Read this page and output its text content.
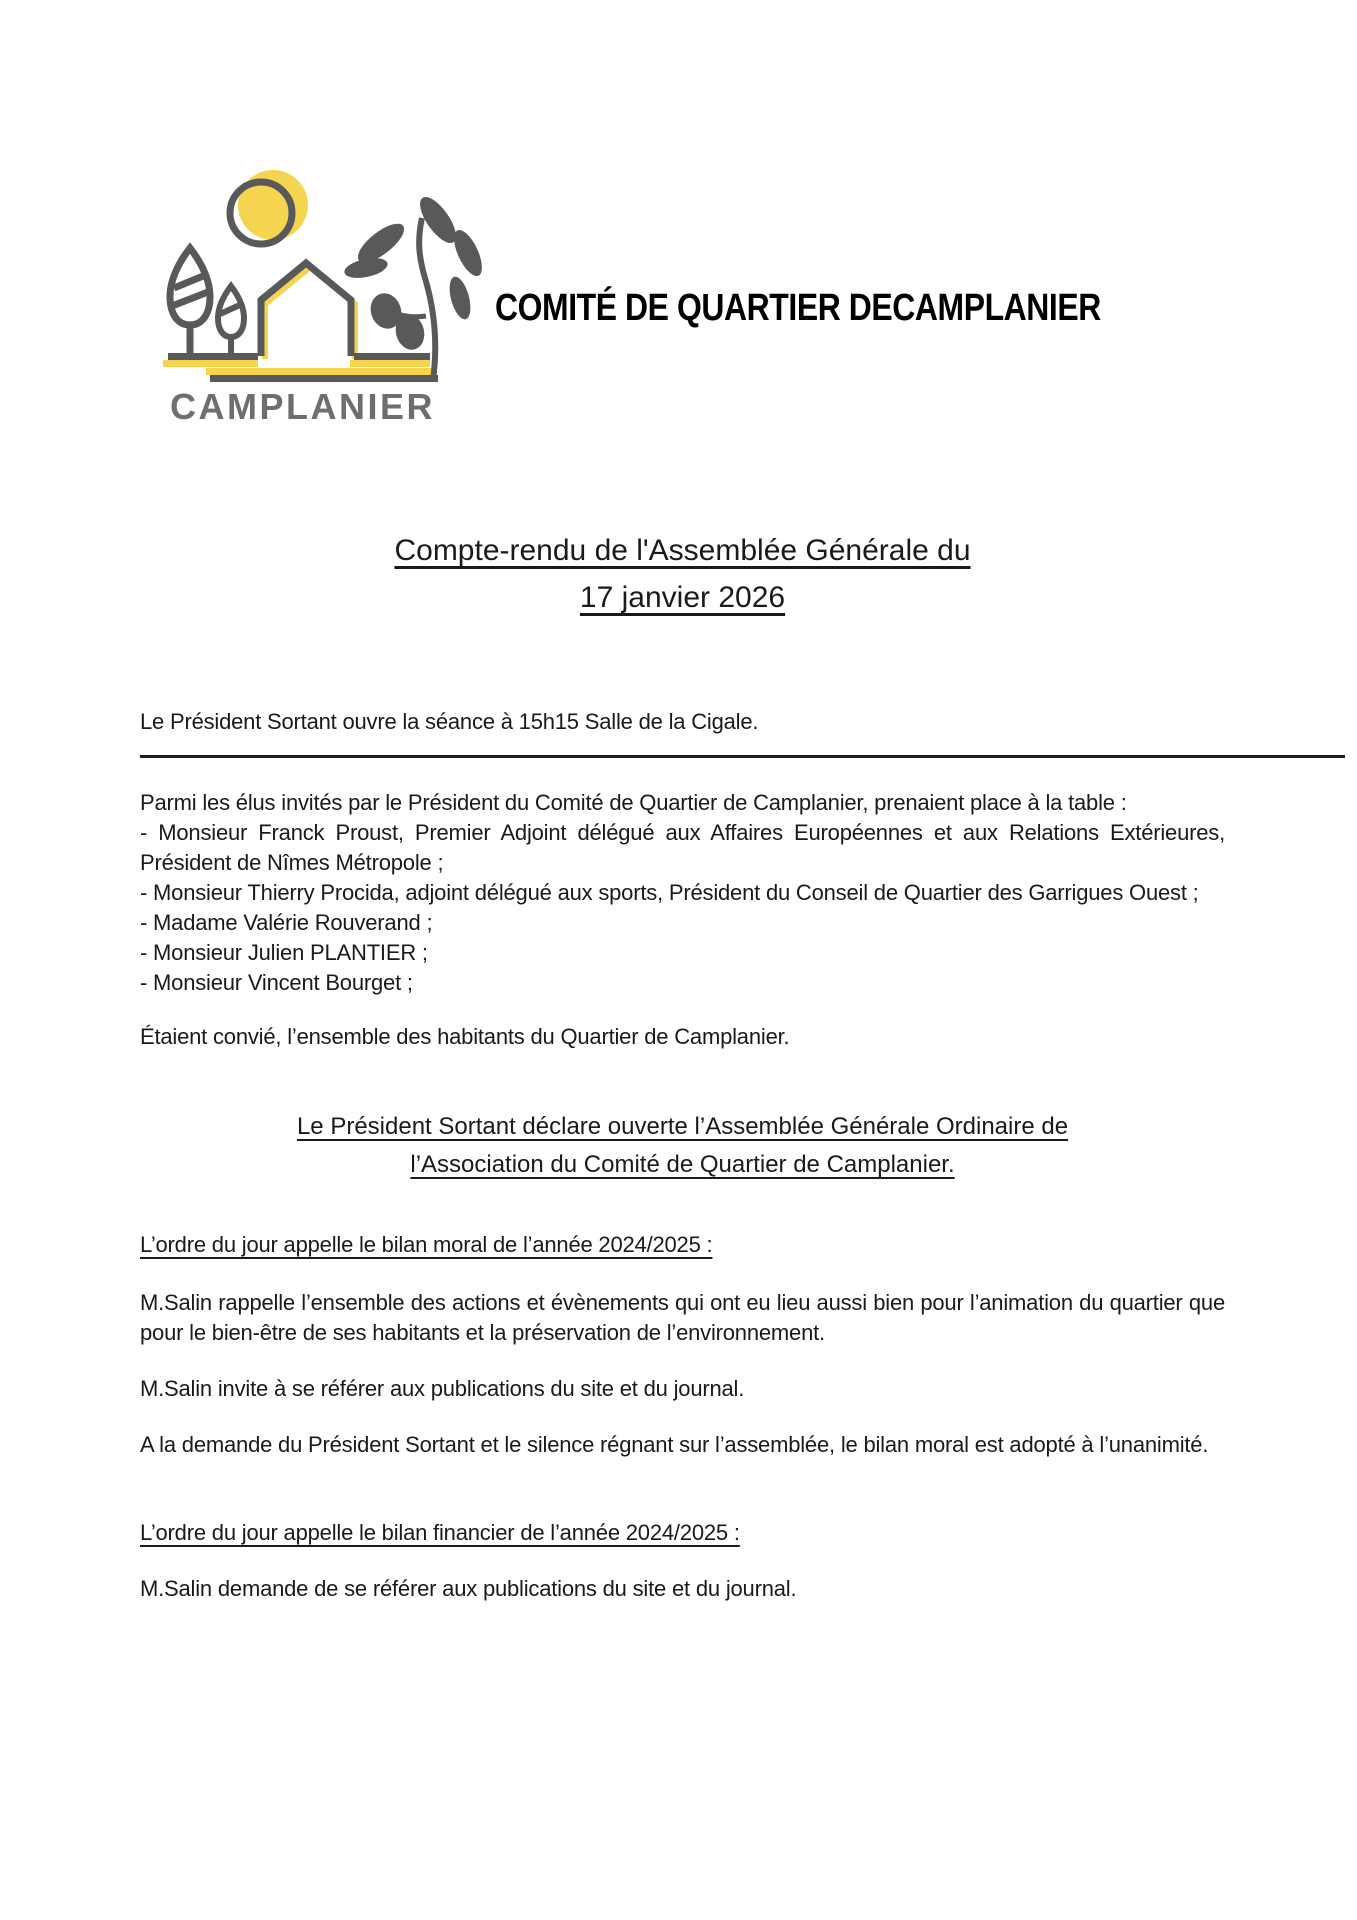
CAMPLANIER
COMITÉ DE QUARTIER DECAMPLANIER
Compte-rendu de l'Assemblée Générale du
17 janvier 2026
Le Président Sortant ouvre la séance à 15h15 Salle de la Cigale.
Parmi les élus invités par le Président du Comité de Quartier de Camplanier, prenaient place à la table :
- Monsieur Franck Proust, Premier Adjoint délégué aux Affaires Européennes et aux Relations Extérieures, Président de Nîmes Métropole ;
- Monsieur Thierry Procida, adjoint délégué aux sports, Président du Conseil de Quartier des Garrigues Ouest ;
- Madame Valérie Rouverand ;
- Monsieur Julien PLANTIER ;
- Monsieur Vincent Bourget ;
Étaient convié, l’ensemble des habitants du Quartier de Camplanier.
Le Président Sortant déclare ouverte l’Assemblée Générale Ordinaire de
l’Association du Comité de Quartier de Camplanier.
L’ordre du jour appelle le bilan moral de l’année 2024/2025 :
M.Salin rappelle l’ensemble des actions et évènements qui ont eu lieu aussi bien pour l’animation du quartier que pour le bien-être de ses habitants et la préservation de l’environnement.
M.Salin invite à se référer aux publications du site et du journal.
A la demande du Président Sortant et le silence régnant sur l’assemblée, le bilan moral est adopté à l’unanimité.
L’ordre du jour appelle le bilan financier de l’année 2024/2025 :
M.Salin demande de se référer aux publications du site et du journal.
